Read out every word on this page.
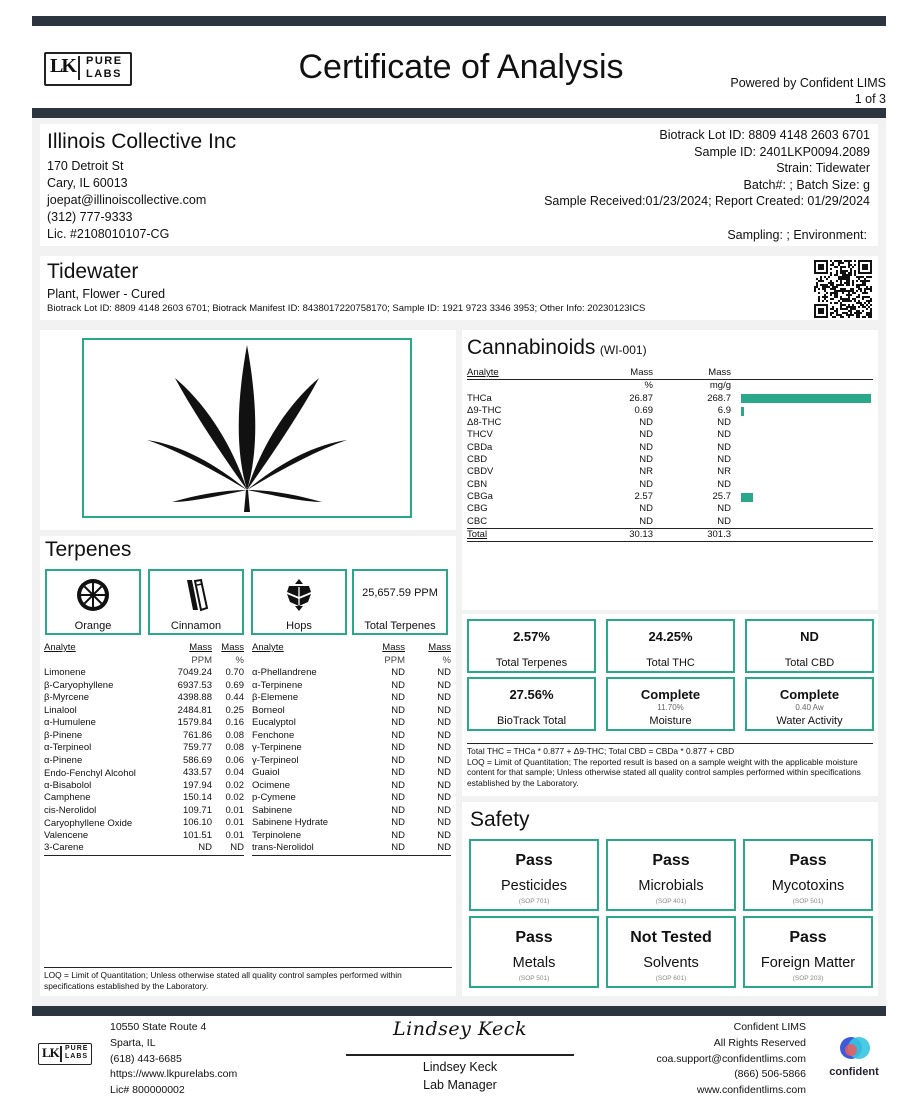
LK PURE
LABS	Certificate of Analysis	Powered by Confident LIMS
1 of 3
Illinois Collective Inc
170 Detroit St
Cary, IL 60013
joepat@illinoiscollective.com
(312) 777-9333
Lic. #2108010107-CG
Biotrack Lot ID: 8809 4148 2603 6701
Sample ID: 2401LKP0094.2089
Strain: Tidewater
Batch#: ; Batch Size: g
Sample Received:01/23/2024; Report Created: 01/29/2024
Sampling: ; Environment:
Tidewater
Plant, Flower - Cured
Biotrack Lot ID: 8809 4148 2603 6701; Biotrack Manifest ID: 8438017220758170; Sample ID: 1921 9723 3346 3953; Other Info: 20230123ICS
Cannabinoids (WI-001)
Analyte	Mass	Mass	
	%	mg/g	
THCa	26.87	268.7	

Δ9-THC	0.69	6.9	

Δ8-THC	ND	ND	
THCV	ND	ND	
CBDa	ND	ND	
CBD	ND	ND	
CBDV	NR	NR	
CBN	ND	ND	
CBGa	2.57	25.7	

CBG	ND	ND	
CBC	ND	ND	
Total	30.13	301.3	
2.57%
Total Terpenes
24.25%
Total THC
ND
Total CBD
27.56%
BioTrack Total
Complete
11.70%
Moisture
Complete
0.40 Aw
Water Activity
Total THC = THCa * 0.877 + Δ9-THC; Total CBD = CBDa * 0.877 + CBD
LOQ = Limit of Quantitation; The reported result is based on a sample weight with the applicable moisture content for that sample; Unless otherwise stated all quality control samples performed within specifications established by the Laboratory.
Terpenes
Orange	Cinnamon	Hops
25,657.59 PPM
Total Terpenes
Analyte	Mass	Mass
	PPM	%
Limonene	7049.24	0.70
β-Caryophyllene	6937.53	0.69
β-Myrcene	4398.88	0.44
Linalool	2484.81	0.25
α-Humulene	1579.84	0.16
β-Pinene	761.86	0.08
α-Terpineol	759.77	0.08
α-Pinene	586.69	0.06
Endo-Fenchyl Alcohol	433.57	0.04
α-Bisabolol	197.94	0.02
Camphene	150.14	0.02
cis-Nerolidol	109.71	0.01
Caryophyllene Oxide	106.10	0.01
Valencene	101.51	0.01
3-Carene	ND	ND
Analyte	Mass	Mass
	PPM	%
α-Phellandrene	ND	ND
α-Terpinene	ND	ND
β-Elemene	ND	ND
Borneol	ND	ND
Eucalyptol	ND	ND
Fenchone	ND	ND
γ-Terpinene	ND	ND
γ-Terpineol	ND	ND
Guaiol	ND	ND
Ocimene	ND	ND
p-Cymene	ND	ND
Sabinene	ND	ND
Sabinene Hydrate	ND	ND
Terpinolene	ND	ND
trans-Nerolidol	ND	ND
LOQ = Limit of Quantitation; Unless otherwise stated all quality control samples performed within specifications established by the Laboratory.
Safety
Pass
Pesticides
(SOP 701)
Pass
Microbials
(SOP 401)
Pass
Mycotoxins
(SOP 501)
Pass
Metals
(SOP 501)
Not Tested
Solvents
(SOP 601)
Pass
Foreign Matter
(SOP 203)
LK PURE
LABS
10550 State Route 4
Sparta, IL
(618) 443-6685
https://www.lkpurelabs.com
Lic# 800000002
Lindsey Keck
Lindsey Keck
Lab Manager
Confident LIMS
All Rights Reserved
coa.support@confidentlims.com
(866) 506-5866
www.confidentlims.com
confident
